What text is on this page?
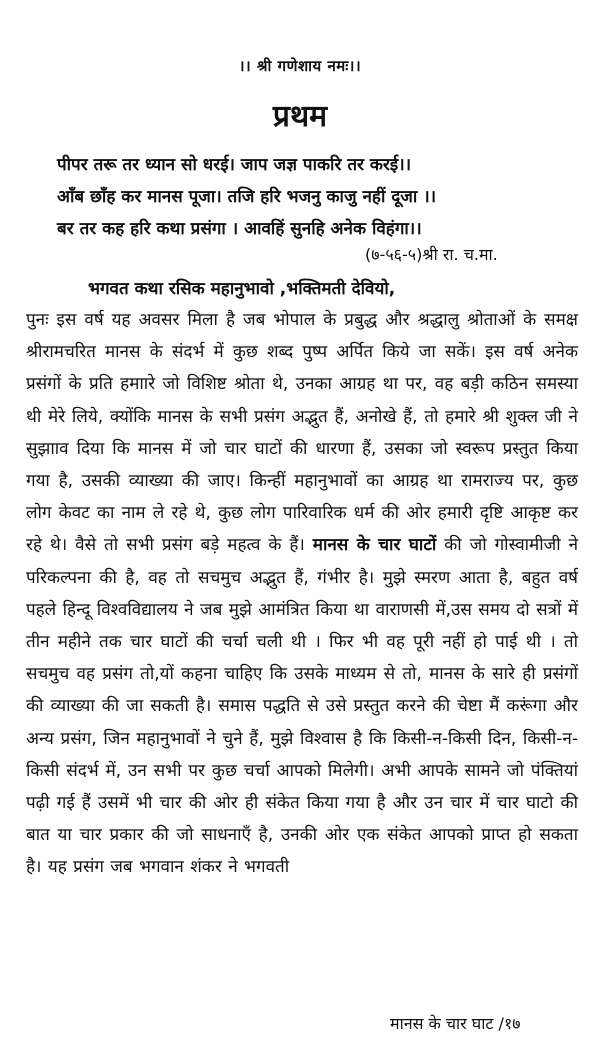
।। श्री गणेशाय नमः।।
प्रथम
पीपर तरू तर ध्यान सो धरई। जाप जज्ञ पाकरि तर करई।।
आँब छाँह कर मानस पूजा। तजि हरि भजनु काजु नहीं दूजा ।।
बर तर कह हरि कथा प्रसंगा । आवहिं सुनहि अनेक विहंगा।।
(७-५६-५)श्री रा. च.मा.
भगवत कथा रसिक महानुभावो ,भक्तिमती देवियो,
पुनः इस वर्ष यह अवसर मिला है जब भोपाल के प्रबुद्ध और श्रद्धालु श्रोताओं के समक्ष श्रीरामचरित मानस के संदर्भ में कुछ शब्द पुष्प अर्पित किये जा सकें। इस वर्ष अनेक प्रसंगों के प्रति हमाारे जो विशिष्ट श्रोता थे, उनका आग्रह था पर, वह बड़ी कठिन समस्या थी मेरे लिये, क्योंकि मानस के सभी प्रसंग अद्भुत हैं, अनोखे हैं, तो हमारे श्री शुक्ल जी ने सुझााव दिया कि मानस में जो चार घाटों की धारणा हैं, उसका जो स्वरूप प्रस्तुत किया गया है, उसकी व्याख्या की जाए। किन्हीं महानुभावों का आग्रह था रामराज्य पर, कुछ लोग केवट का नाम ले रहे थे, कुछ लोग पारिवारिक धर्म की ओर हमारी दृष्टि आकृष्ट कर रहे थे। वैसे तो सभी प्रसंग बड़े महत्व के हैं। मानस के चार घाटों की जो गोस्वामीजी ने परिकल्पना की है, वह तो सचमुच अद्भुत हैं, गंभीर है। मुझे स्मरण आता है, बहुत वर्ष पहले हिन्दू विश्वविद्यालय ने जब मुझे आमंत्रित किया था वाराणसी में,उस समय दो सत्रों में तीन महीने तक चार घाटों की चर्चा चली थी । फिर भी वह पूरी नहीं हो पाई थी । तो सचमुच वह प्रसंग तो,यों कहना चाहिए कि उसके माध्यम से तो, मानस के सारे ही प्रसंगों की व्याख्या की जा सकती है। समास पद्धति से उसे प्रस्तुत करने की चेष्टा मैं करूंगा और अन्य प्रसंग, जिन महानुभावों ने चुने हैं, मुझे विश्वास है कि किसी-न-किसी दिन, किसी-न-किसी संदर्भ में, उन सभी पर कुछ चर्चा आपको मिलेगी। अभी आपके सामने जो पंक्तियां पढ़ी गई हैं उसमें भी चार की ओर ही संकेत किया गया है और उन चार में चार घाटो की बात या चार प्रकार की जो साधनाएँ है, उनकी ओर एक संकेत आपको प्राप्त हो सकता है। यह प्रसंग जब भगवान शंकर ने भगवती
मानस के चार घाट /१७
